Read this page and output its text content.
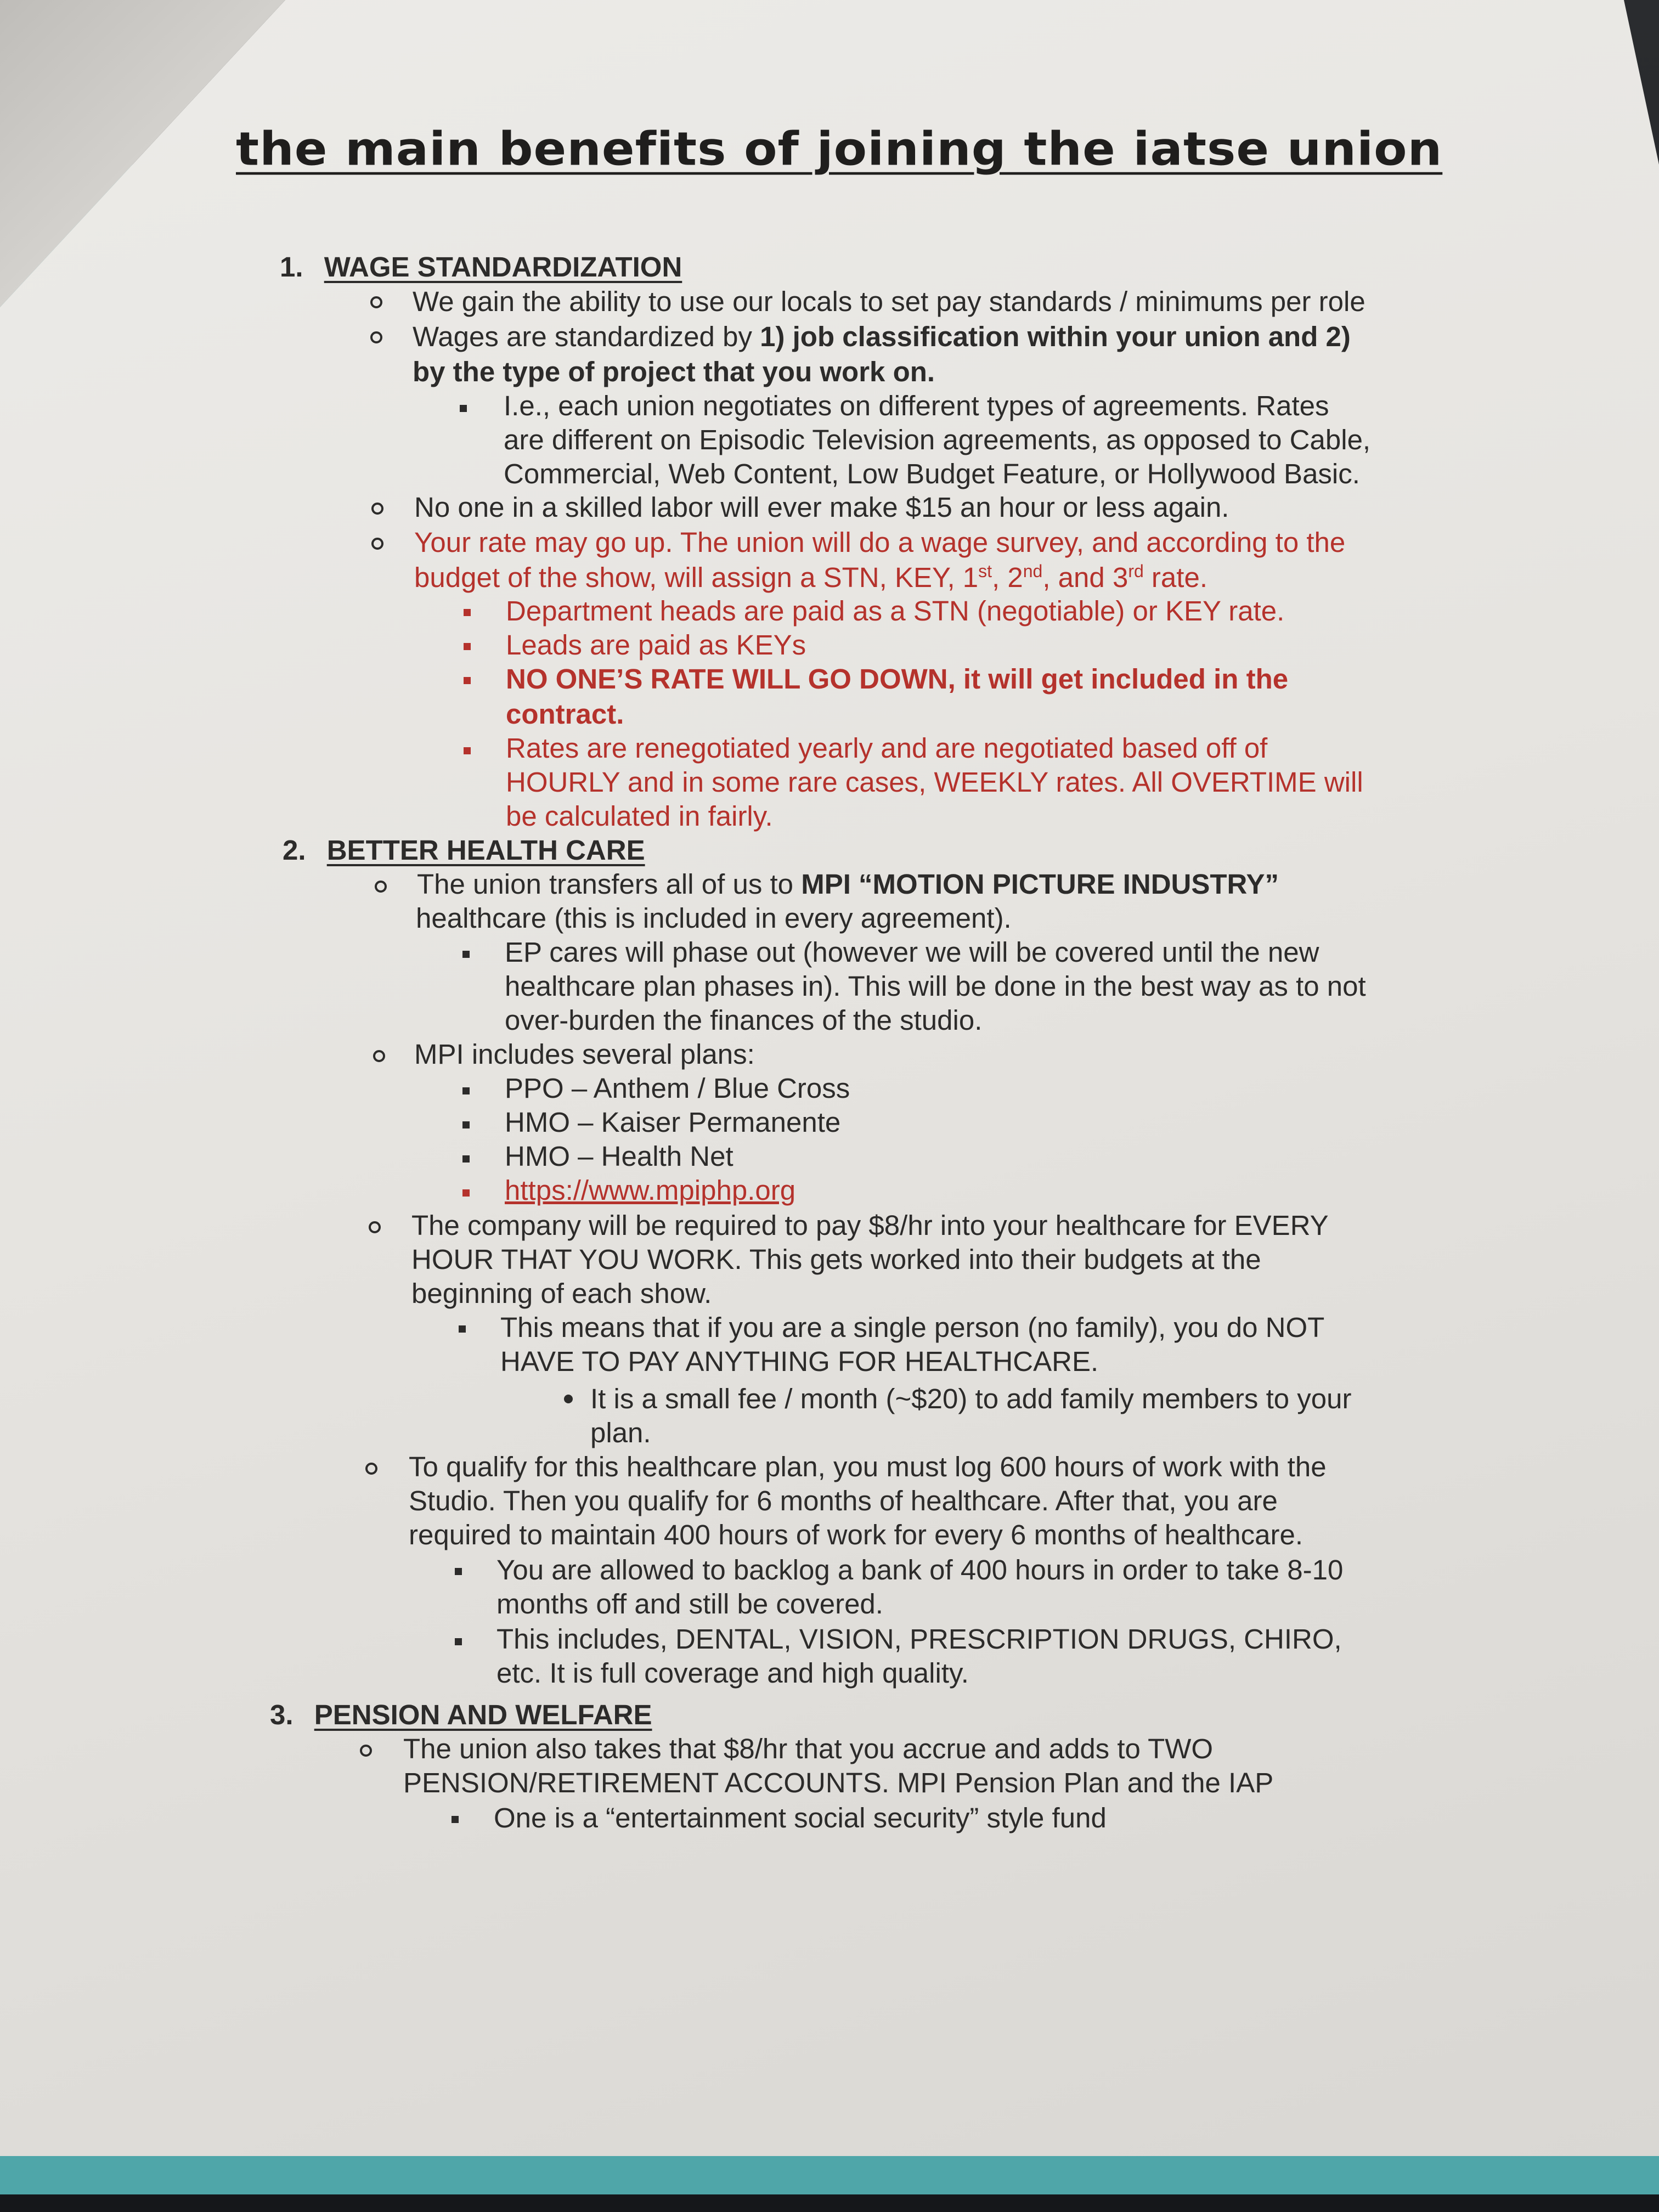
the main benefits of joining the iatse union
1. WAGE STANDARDIZATION
We gain the ability to use our locals to set pay standards / minimums per role
Wages are standardized by 1) job classification within your union and 2)
by the type of project that you work on.
I.e., each union negotiates on different types of agreements. Rates
are different on Episodic Television agreements, as opposed to Cable,
Commercial, Web Content, Low Budget Feature, or Hollywood Basic.
No one in a skilled labor will ever make $15 an hour or less again.
Your rate may go up. The union will do a wage survey, and according to the
budget of the show, will assign a STN, KEY, 1st, 2nd, and 3rd rate.
Department heads are paid as a STN (negotiable) or KEY rate.
Leads are paid as KEYs
NO ONE’S RATE WILL GO DOWN, it will get included in the
contract.
Rates are renegotiated yearly and are negotiated based off of
HOURLY and in some rare cases, WEEKLY rates. All OVERTIME will
be calculated in fairly.
2. BETTER HEALTH CARE
The union transfers all of us to MPI “MOTION PICTURE INDUSTRY”
healthcare (this is included in every agreement).
EP cares will phase out (however we will be covered until the new
healthcare plan phases in). This will be done in the best way as to not
over-burden the finances of the studio.
MPI includes several plans:
PPO – Anthem / Blue Cross
HMO – Kaiser Permanente
HMO – Health Net
https://www.mpiphp.org
The company will be required to pay $8/hr into your healthcare for EVERY
HOUR THAT YOU WORK. This gets worked into their budgets at the
beginning of each show.
This means that if you are a single person (no family), you do NOT
HAVE TO PAY ANYTHING FOR HEALTHCARE.
It is a small fee / month (~$20) to add family members to your
plan.
To qualify for this healthcare plan, you must log 600 hours of work with the
Studio. Then you qualify for 6 months of healthcare. After that, you are
required to maintain 400 hours of work for every 6 months of healthcare.
You are allowed to backlog a bank of 400 hours in order to take 8-10
months off and still be covered.
This includes, DENTAL, VISION, PRESCRIPTION DRUGS, CHIRO,
etc. It is full coverage and high quality.
3. PENSION AND WELFARE
The union also takes that $8/hr that you accrue and adds to TWO
PENSION/RETIREMENT ACCOUNTS. MPI Pension Plan and the IAP
One is a “entertainment social security” style fund
